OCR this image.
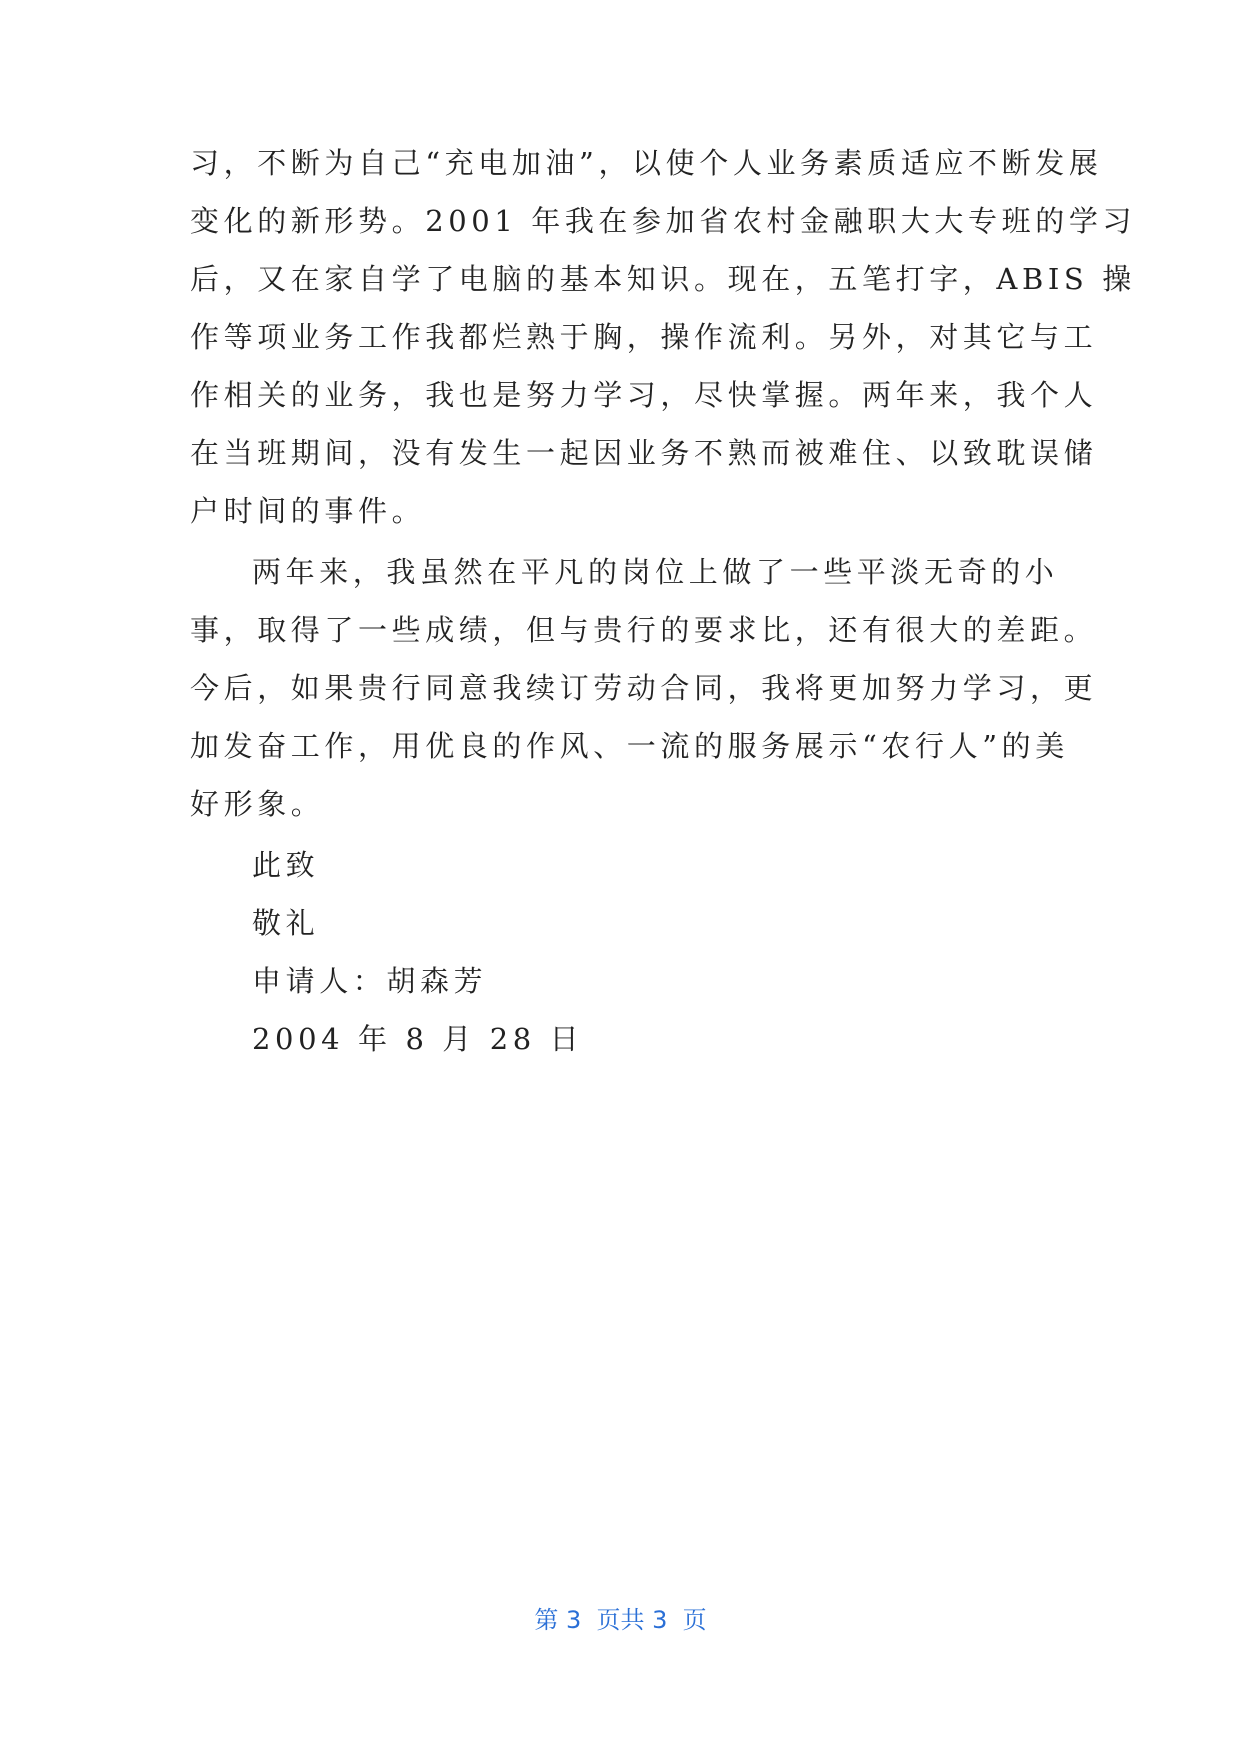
习，不断为自己“充电加油”，以使个人业务素质适应不断发展
变化的新形势。2001 年我在参加省农村金融职大大专班的学习
后，又在家自学了电脑的基本知识。现在，五笔打字，ABIS 操
作等项业务工作我都烂熟于胸，操作流利。另外，对其它与工
作相关的业务，我也是努力学习，尽快掌握。两年来，我个人
在当班期间，没有发生一起因业务不熟而被难住、以致耽误储
户时间的事件。
两年来，我虽然在平凡的岗位上做了一些平淡无奇的小
事，取得了一些成绩，但与贵行的要求比，还有很大的差距。
今后，如果贵行同意我续订劳动合同，我将更加努力学习，更
加发奋工作，用优良的作风、一流的服务展示“农行人”的美
好形象。
此致
敬礼
申请人：胡森芳
2004 年 8 月 28 日
第 3  页共 3  页
